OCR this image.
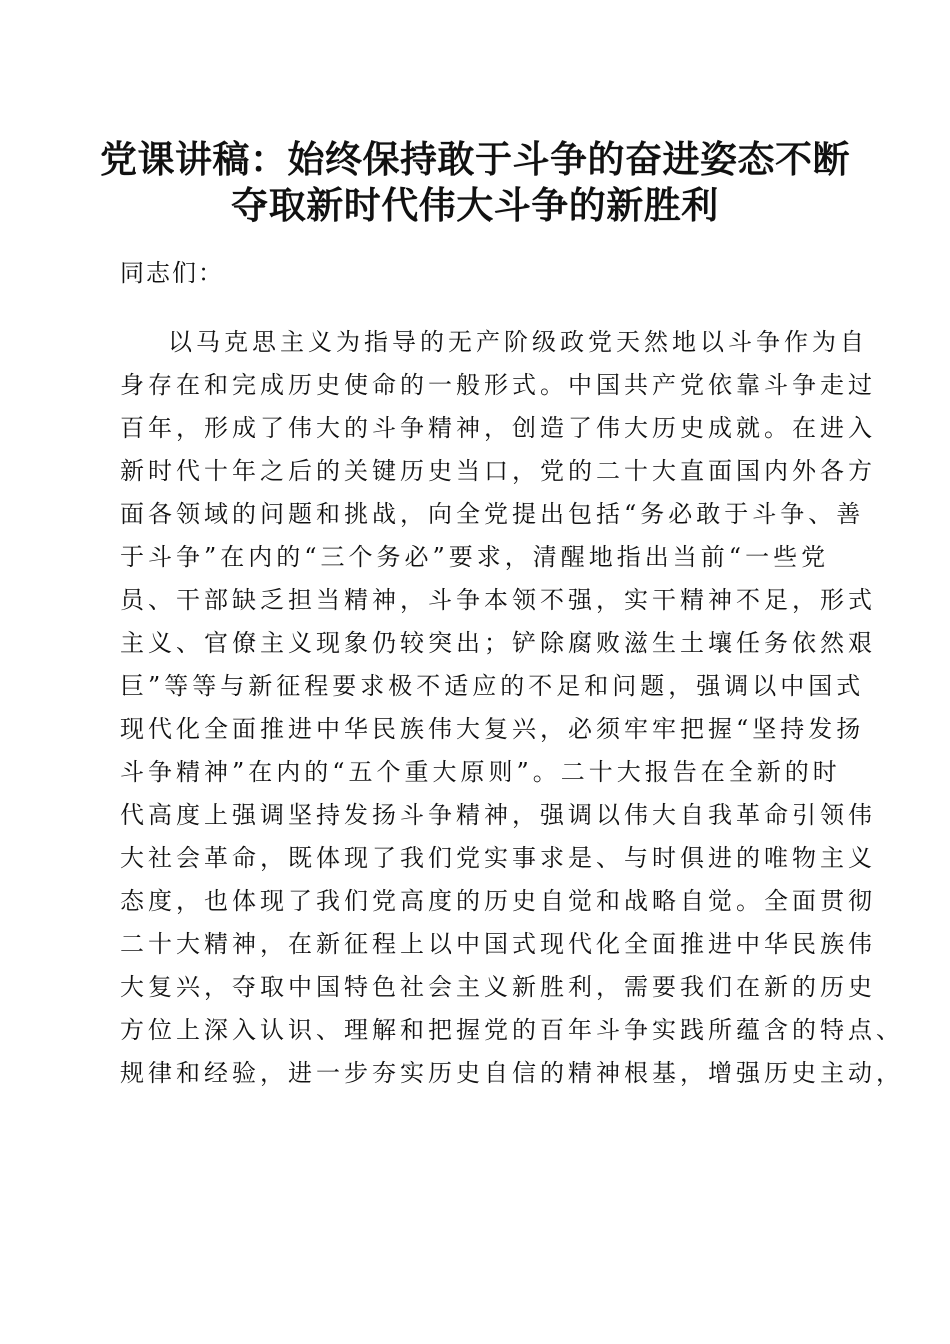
党课讲稿：始终保持敢于斗争的奋进姿态不断
夺取新时代伟大斗争的新胜利
同志们：
以马克思主义为指导的无产阶级政党天然地以斗争作为自
身存在和完成历史使命的一般形式。中国共产党依靠斗争走过
百年，形成了伟大的斗争精神，创造了伟大历史成就。在进入
新时代十年之后的关键历史当口，党的二十大直面国内外各方
面各领域的问题和挑战，向全党提出包括“务必敢于斗争、善
于斗争”在内的“三个务必”要求，清醒地指出当前“一些党
员、干部缺乏担当精神，斗争本领不强，实干精神不足，形式
主义、官僚主义现象仍较突出；铲除腐败滋生土壤任务依然艰
巨”等等与新征程要求极不适应的不足和问题，强调以中国式
现代化全面推进中华民族伟大复兴，必须牢牢把握“坚持发扬
斗争精神”在内的“五个重大原则”。二十大报告在全新的时
代高度上强调坚持发扬斗争精神，强调以伟大自我革命引领伟
大社会革命，既体现了我们党实事求是、与时俱进的唯物主义
态度，也体现了我们党高度的历史自觉和战略自觉。全面贯彻
二十大精神，在新征程上以中国式现代化全面推进中华民族伟
大复兴，夺取中国特色社会主义新胜利，需要我们在新的历史
方位上深入认识、理解和把握党的百年斗争实践所蕴含的特点、
规律和经验，进一步夯实历史自信的精神根基，增强历史主动，
